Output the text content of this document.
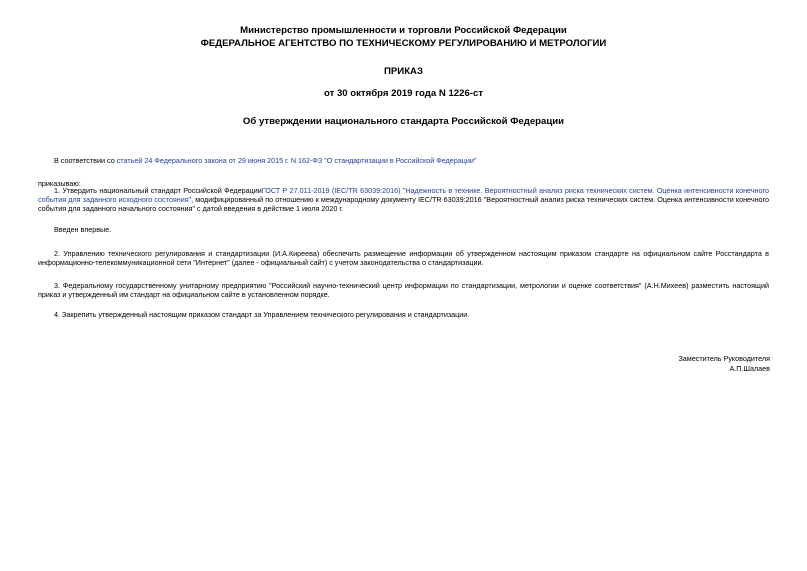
Министерство промышленности и торговли Российской Федерации
ФЕДЕРАЛЬНОЕ АГЕНТСТВО ПО ТЕХНИЧЕСКОМУ РЕГУЛИРОВАНИЮ И МЕТРОЛОГИИ
ПРИКАЗ
от 30 октября 2019 года N 1226-ст
Об утверждении национального стандарта Российской Федерации
В соответствии со статьей 24 Федерального закона от 29 июня 2015 г. N 162-ФЗ "О стандартизации в Российской Федерации"
приказываю:
1. Утвердить национальный стандарт Российской ФедерацииГОСТ Р 27.011-2019 (IEC/TR 63039:2016) "Надежность в технике. Вероятностный анализ риска технических систем. Оценка интенсивности конечного события для заданного исходного состояния", модифицированный по отношению к международному документу IEC/TR 63039:2016 "Вероятностный анализ риска технических систем. Оценка интенсивности конечного события для заданного начального состояния" с датой введения в действие 1 июля 2020 г.
Введен впервые.
2. Управлению технического регулирования и стандартизации (И.А.Киреева) обеспечить размещение информации об утвержденном настоящим приказом стандарте на официальном сайте Росстандарта в информационно-телекоммуникационной сети "Интернет" (далее - официальный сайт) с учетом законодательства о стандартизации.
3. Федеральному государственному унитарному предприятию "Российский научно-технический центр информации по стандартизации, метрологии и оценке соответствия" (А.Н.Михеев) разместить настоящий приказ и утвержденный им стандарт на официальном сайте в установленном порядке.
4. Закрепить утвержденный настоящим приказом стандарт за Управлением технического регулирования и стандартизации.
Заместитель Руководителя
А.П.Шалаев
